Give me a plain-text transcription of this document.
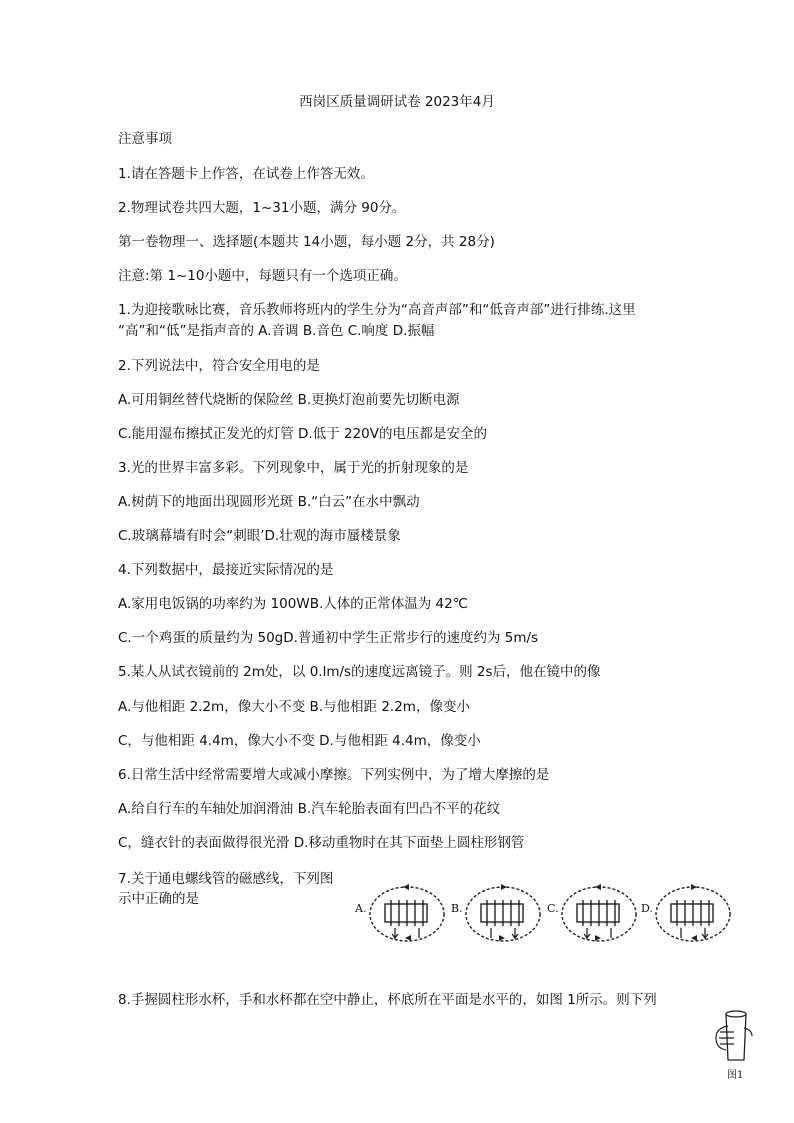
西岗区质量调研试卷 2023年4月
注意事项
1.请在答题卡上作答，在试卷上作答无效。
2.物理试卷共四大题，1~31小题，满分 90分。
第一卷物理一、选择题(本题共 14小题，每小题 2分，共 28分)
注意:第 1~10小题中，每题只有一个选项正确。
1.为迎接歌咏比赛，音乐教师将班内的学生分为“高音声部”和“低音声部”进行排练.这里
“高”和“低”是指声音的 A.音调 B.音色 C.响度 D.振幅
2.下列说法中，符合安全用电的是
A.可用铜丝替代烧断的保险丝 B.更换灯泡前要先切断电源
C.能用湿布擦拭正发光的灯管 D.低于 220V的电压都是安全的
3.光的世界丰富多彩。下列现象中，属于光的折射现象的是
A.树荫下的地面出现圆形光斑 B.“白云”在水中飘动
C.玻璃幕墙有时会“刺眼’D.壮观的海市蜃楼景象
4.下列数据中，最接近实际情况的是
A.家用电饭锅的功率约为 100WB.人体的正常体温为 42℃
C.一个鸡蛋的质量约为 50gD.普通初中学生正常步行的速度约为 5m/s
5.某人从试衣镜前的 2m处，以 0.lm/s的速度远离镜子。则 2s后，他在镜中的像
A.与他相距 2.2m，像大小不变 B.与他相距 2.2m，像变小
C，与他相距 4.4m，像大小不变 D.与他相距 4.4m，像变小
6.日常生活中经常需要增大或减小摩擦。下列实例中，为了增大摩擦的是
A.给自行车的车轴处加润滑油 B.汽车轮胎表面有凹凸不平的花纹
C，缝衣针的表面做得很光滑 D.移动重物时在其下面垫上圆柱形钢管
7.关于通电螺线管的磁感线，下列图
示中正确的是
8.手握圆柱形水杯，手和水杯都在空中静止，杯底所在平面是水平的，如图 1所示。则下列
A.	B.	C.	D.
图1
